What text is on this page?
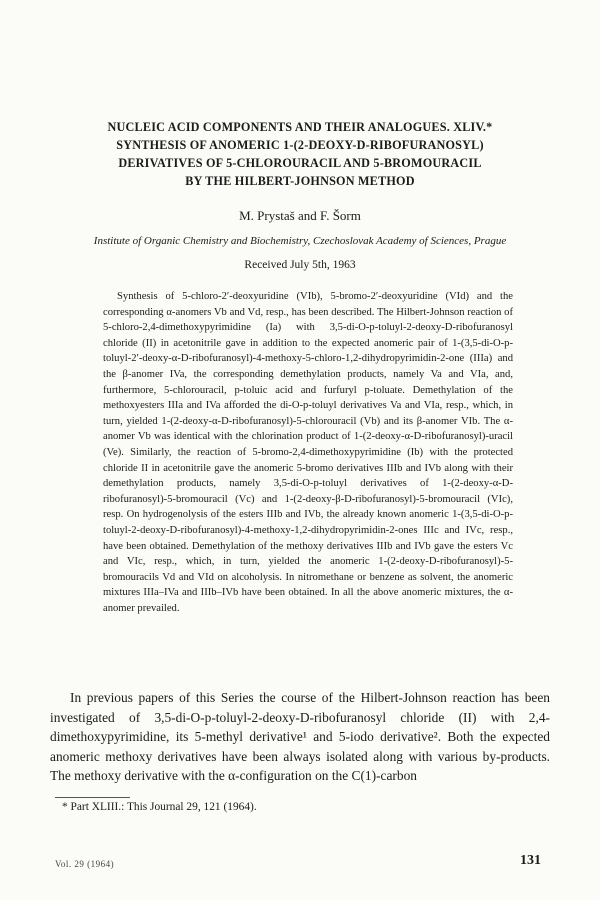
NUCLEIC ACID COMPONENTS AND THEIR ANALOGUES. XLIV.*
SYNTHESIS OF ANOMERIC 1-(2-DEOXY-D-RIBOFURANOSYL)
DERIVATIVES OF 5-CHLOROURACIL AND 5-BROMOURACIL
BY THE HILBERT-JOHNSON METHOD
M. Prystaš and F. Šorm
Institute of Organic Chemistry and Biochemistry, Czechoslovak Academy of Sciences, Prague
Received July 5th, 1963

Synthesis of 5-chloro-2′-deoxyuridine (VIb), 5-bromo-2′-deoxyuridine (VId) and the corresponding α-anomers Vb and Vd, resp., has been described. The Hilbert-Johnson reaction of 5-chloro-2,4-dimethoxypyrimidine (Ia) with 3,5-di-O-p-toluyl-2-deoxy-D-ribofuranosyl chloride (II) in acetonitrile gave in addition to the expected anomeric pair of 1-(3,5-di-O-p-toluyl-2′-deoxy-α-D-ribofuranosyl)-4-methoxy-5-chloro-1,2-dihydropyrimidin-2-one (IIIa) and the β-anomer IVa, the corresponding demethylation products, namely Va and VIa, and, furthermore, 5-chlorouracil, p-toluic acid and furfuryl p-toluate. Demethylation of the methoxyesters IIIa and IVa afforded the di-O-p-toluyl derivatives Va and VIa, resp., which, in turn, yielded 1-(2-deoxy-α-D-ribofuranosyl)-5-chlorouracil (Vb) and its β-anomer VIb. The α-anomer Vb was identical with the chlorination product of 1-(2-deoxy-α-D-ribofuranosyl)-uracil (Ve). Similarly, the reaction of 5-bromo-2,4-dimethoxypyrimidine (Ib) with the protected chloride II in acetonitrile gave the anomeric 5-bromo derivatives IIIb and IVb along with their demethylation products, namely 3,5-di-O-p-toluyl derivatives of 1-(2-deoxy-α-D-ribofuranosyl)-5-bromouracil (Vc) and 1-(2-deoxy-β-D-ribofuranosyl)-5-bromouracil (VIc), resp. On hydrogenolysis of the esters IIIb and IVb, the already known anomeric 1-(3,5-di-O-p-toluyl-2-deoxy-D-ribofuranosyl)-4-methoxy-1,2-dihydropyrimidin-2-ones IIIc and IVc, resp., have been obtained. Demethylation of the methoxy derivatives IIIb and IVb gave the esters Vc and VIc, resp., which, in turn, yielded the anomeric 1-(2-deoxy-D-ribofuranosyl)-5-bromouracils Vd and VId on alcoholysis. In nitromethane or benzene as solvent, the anomeric mixtures IIIa–IVa and IIIb–IVb have been obtained. In all the above anomeric mixtures, the α-anomer prevailed.

In previous papers of this Series the course of the Hilbert-Johnson reaction has been investigated of 3,5-di-O-p-toluyl-2-deoxy-D-ribofuranosyl chloride (II) with 2,4-dimethoxypyrimidine, its 5-methyl derivative¹ and 5-iodo derivative². Both the expected anomeric methoxy derivatives have been always isolated along with various by-products. The methoxy derivative with the α-configuration on the C(1)-carbon

* Part XLIII.: This Journal 29, 121 (1964).
Vol. 29 (1964)	131
